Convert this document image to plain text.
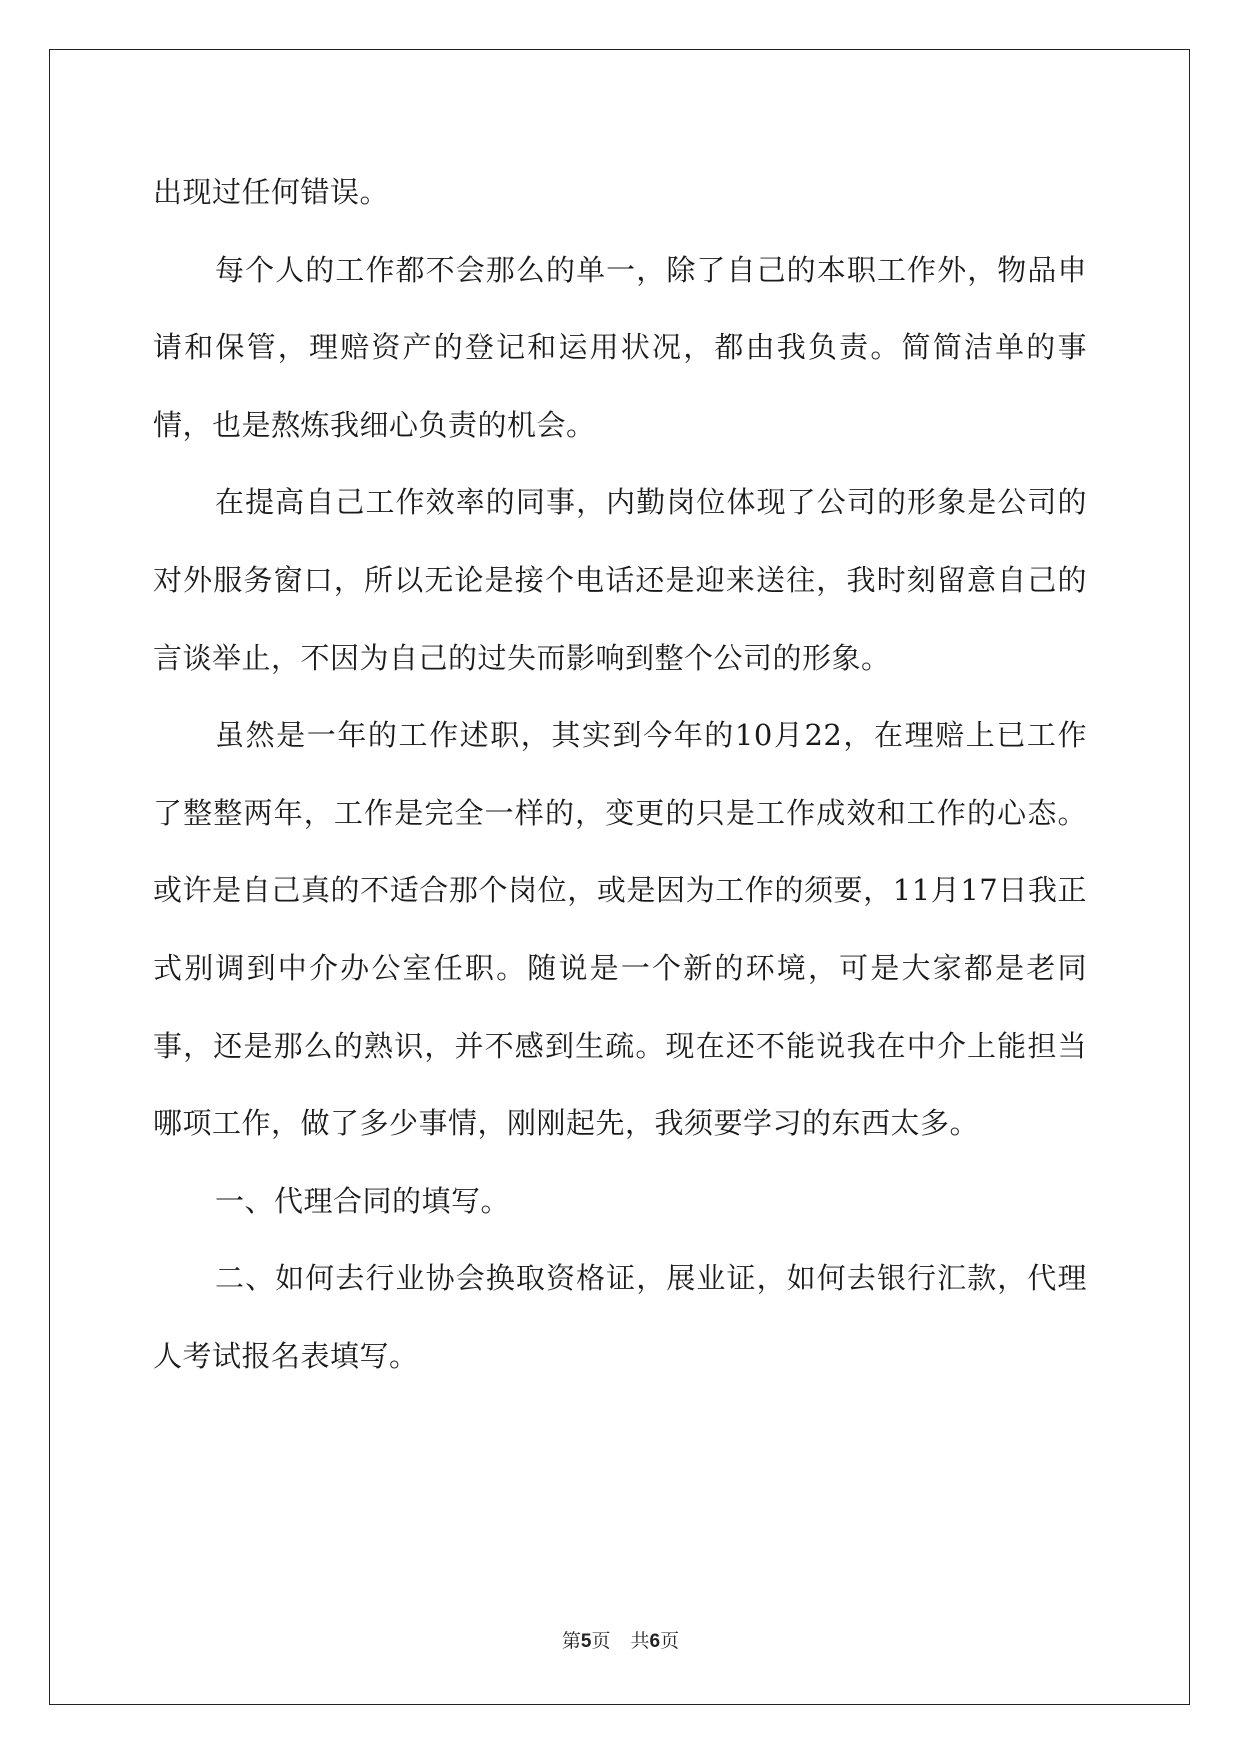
出现过任何错误。

每个人的工作都不会那么的单一，除了自己的本职工作外，物品申请和保管，理赔资产的登记和运用状况，都由我负责。简简洁单的事情，也是熬炼我细心负责的机会。

在提高自己工作效率的同事，内勤岗位体现了公司的形象是公司的对外服务窗口，所以无论是接个电话还是迎来送往，我时刻留意自己的言谈举止，不因为自己的过失而影响到整个公司的形象。

虽然是一年的工作述职，其实到今年的10月22，在理赔上已工作了整整两年，工作是完全一样的，变更的只是工作成效和工作的心态。或许是自己真的不适合那个岗位，或是因为工作的须要，11月17日我正式别调到中介办公室任职。随说是一个新的环境，可是大家都是老同事，还是那么的熟识，并不感到生疏。现在还不能说我在中介上能担当哪项工作，做了多少事情，刚刚起先，我须要学习的东西太多。

一、代理合同的填写。

二、如何去行业协会换取资格证，展业证，如何去银行汇款，代理人考试报名表填写。

第5页 共6页
